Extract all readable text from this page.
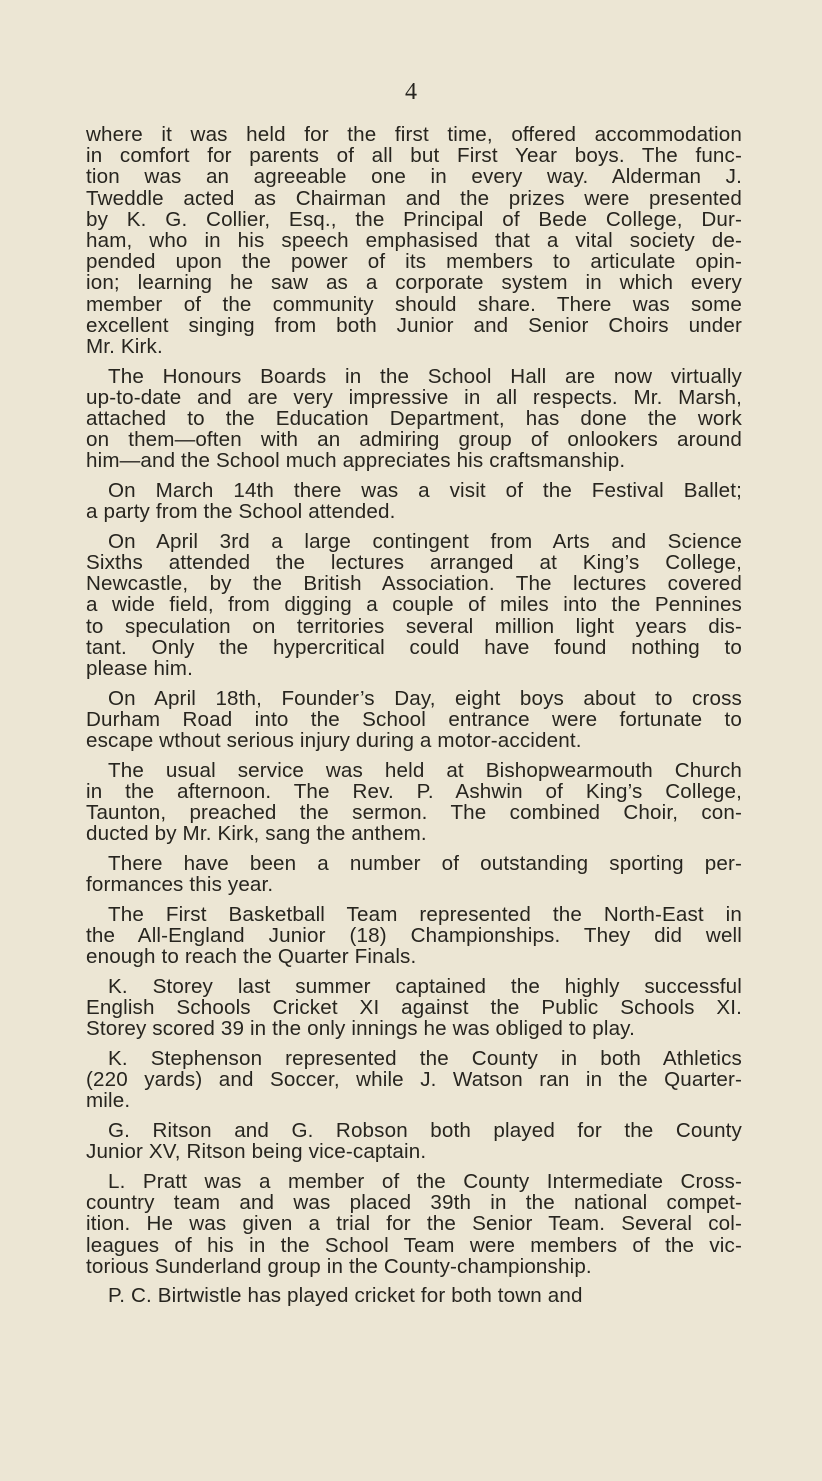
4
where it was held for the first time, offered accommodation
in comfort for parents of all but First Year boys. The func-
tion was an agreeable one in every way. Alderman J.
Tweddle acted as Chairman and the prizes were presented
by K. G. Collier, Esq., the Principal of Bede College, Dur-
ham, who in his speech emphasised that a vital society de-
pended upon the power of its members to articulate opin-
ion; learning he saw as a corporate system in which every
member of the community should share. There was some
excellent singing from both Junior and Senior Choirs under
Mr. Kirk.
The Honours Boards in the School Hall are now virtually
up-to-date and are very impressive in all respects. Mr. Marsh,
attached to the Education Department, has done the work
on them—often with an admiring group of onlookers around
him—and the School much appreciates his craftsmanship.
On March 14th there was a visit of the Festival Ballet;
a party from the School attended.
On April 3rd a large contingent from Arts and Science
Sixths attended the lectures arranged at King’s College,
Newcastle, by the British Association. The lectures covered
a wide field, from digging a couple of miles into the Pennines
to speculation on territories several million light years dis-
tant. Only the hypercritical could have found nothing to
please him.
On April 18th, Founder’s Day, eight boys about to cross
Durham Road into the School entrance were fortunate to
escape wthout serious injury during a motor-accident.
The usual service was held at Bishopwearmouth Church
in the afternoon. The Rev. P. Ashwin of King’s College,
Taunton, preached the sermon. The combined Choir, con-
ducted by Mr. Kirk, sang the anthem.
There have been a number of outstanding sporting per-
formances this year.
The First Basketball Team represented the North-East in
the All-England Junior (18) Championships. They did well
enough to reach the Quarter Finals.
K. Storey last summer captained the highly successful
English Schools Cricket XI against the Public Schools XI.
Storey scored 39 in the only innings he was obliged to play.
K. Stephenson represented the County in both Athletics
(220 yards) and Soccer, while J. Watson ran in the Quarter-
mile.
G. Ritson and G. Robson both played for the County
Junior XV, Ritson being vice-captain.
L. Pratt was a member of the County Intermediate Cross-
country team and was placed 39th in the national compet-
ition. He was given a trial for the Senior Team. Several col-
leagues of his in the School Team were members of the vic-
torious Sunderland group in the County-championship.
P. C. Birtwistle has played cricket for both town and
